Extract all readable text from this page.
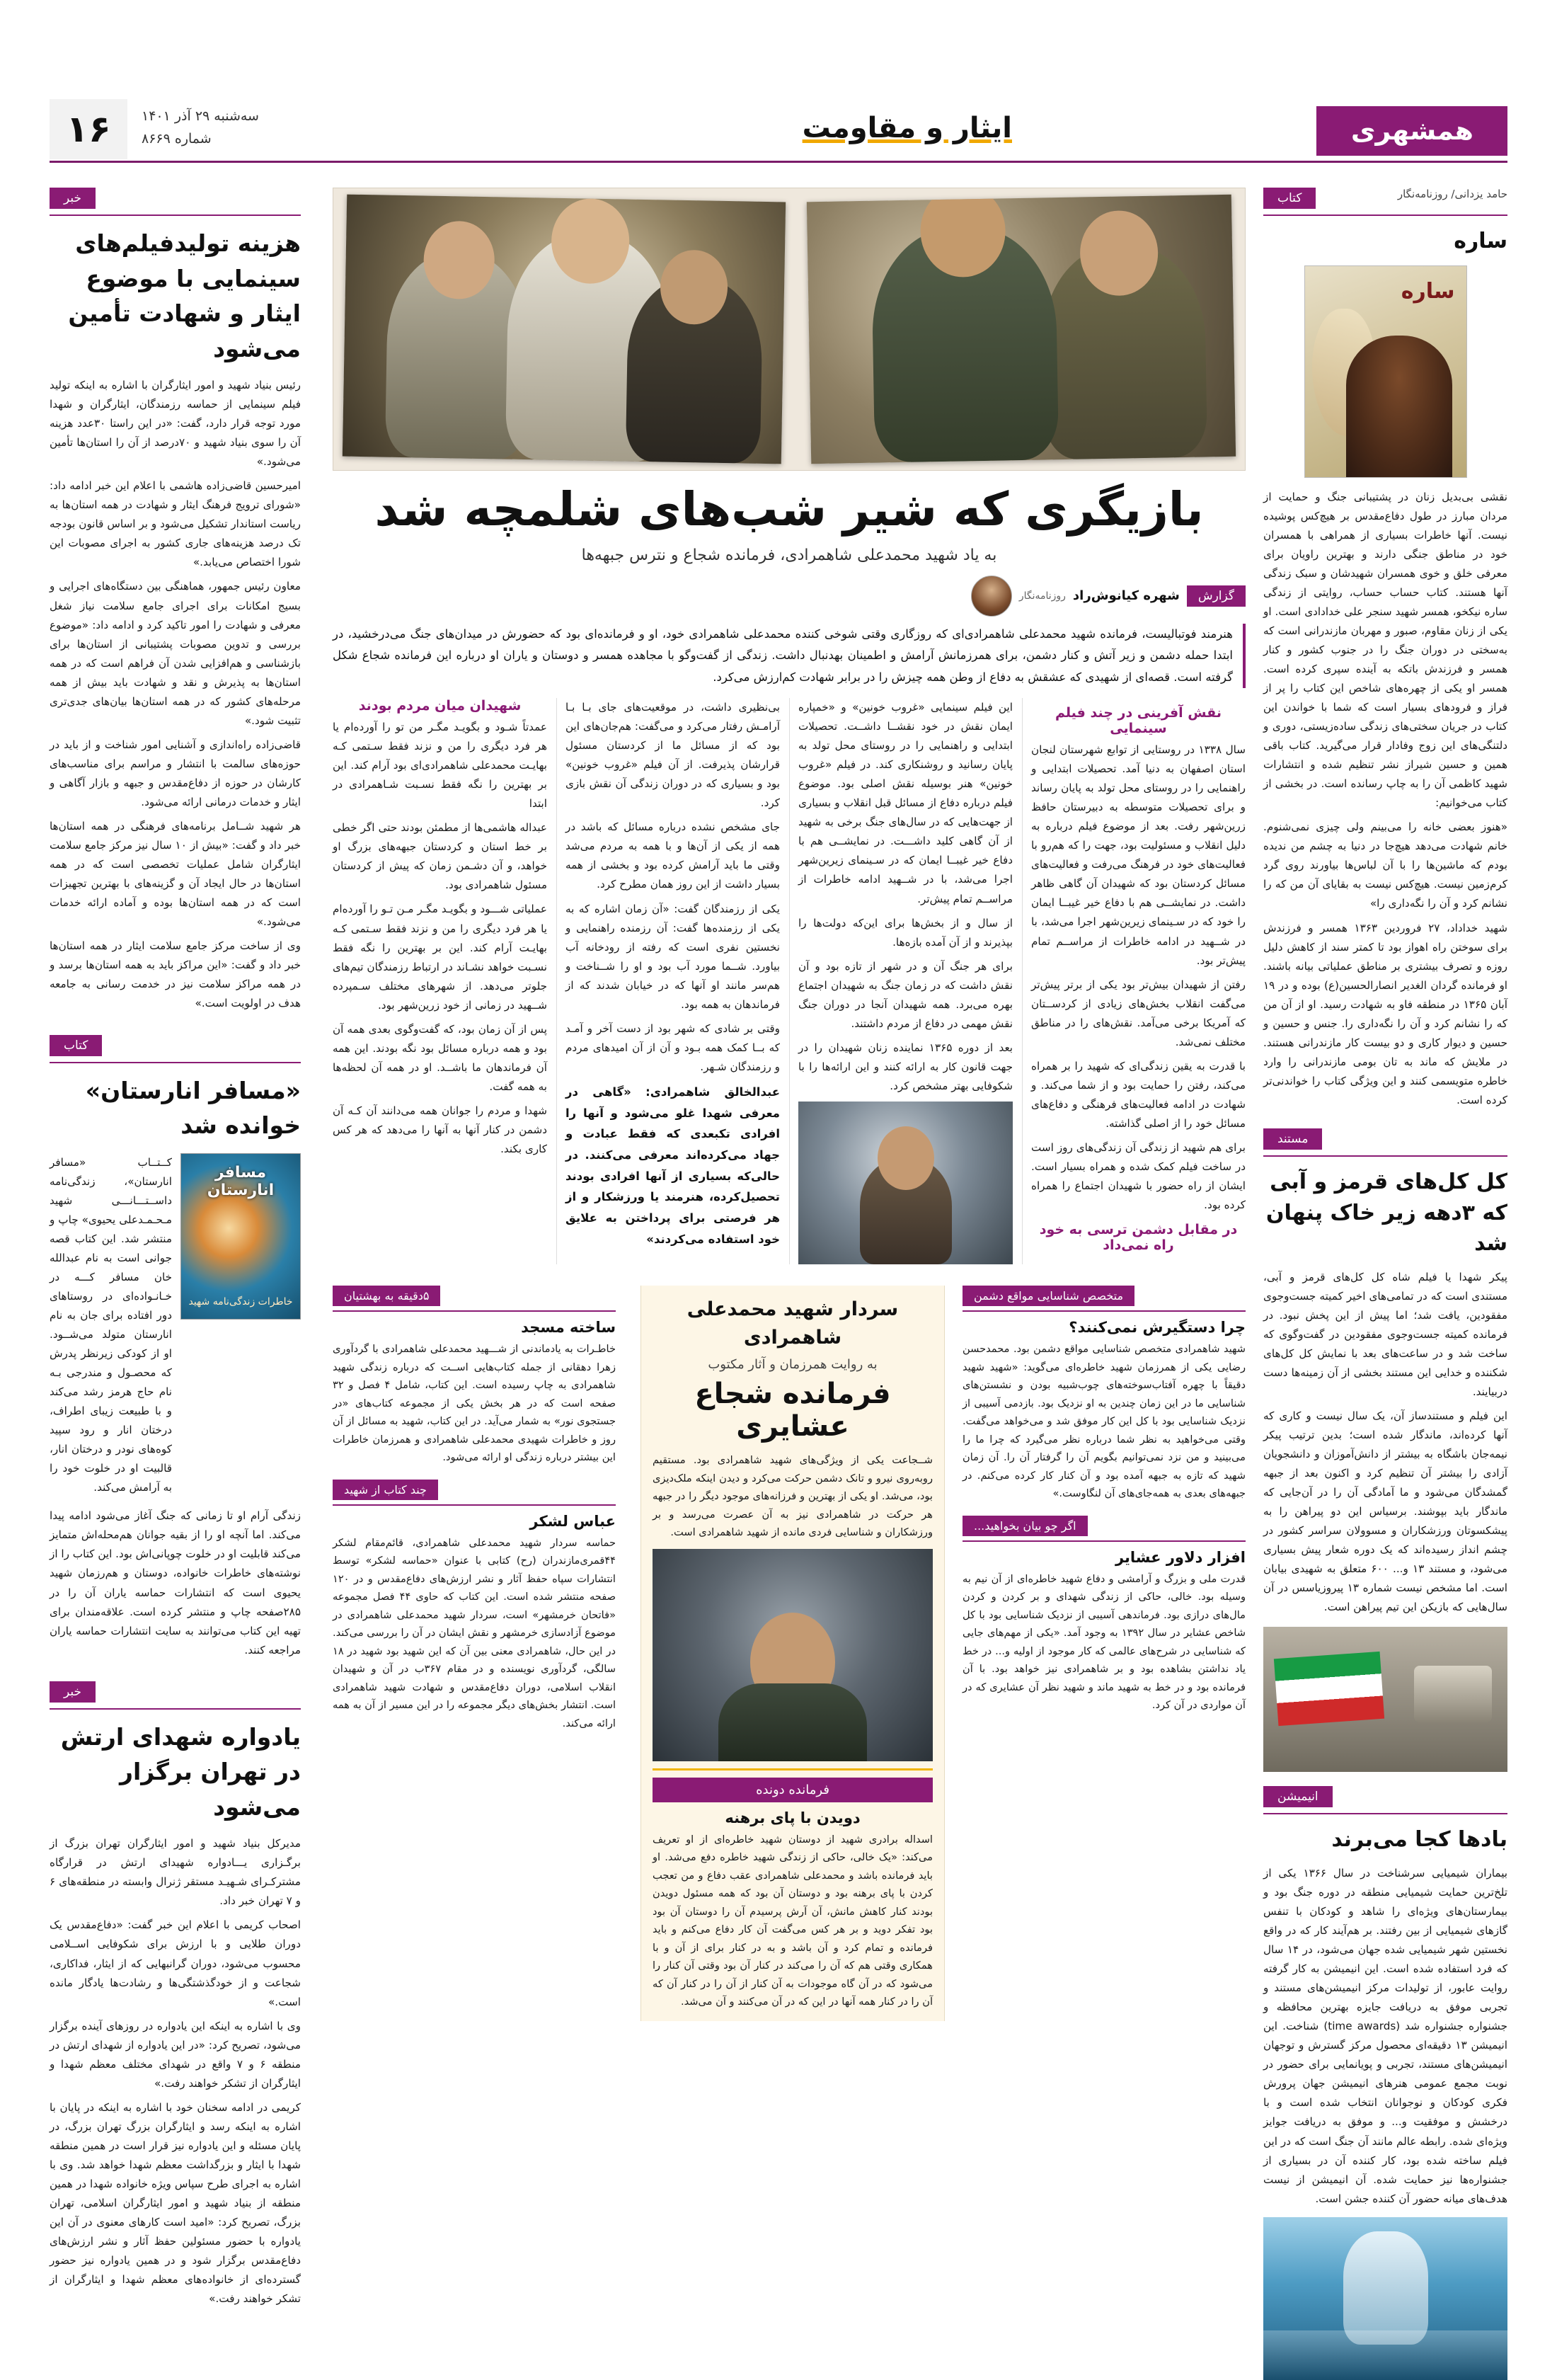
همشهری
ایثار و مقاومت
۱۶	سه‌شنبه ۲۹ آذر ۱۴۰۱
شماره ۸۶۶۹
کتاب	حامد یزدانی/ روزنامه‌نگار
ساره
ساره

نقشی بی‌بدیل زنان در پشتیبانی جنگ و حمایت از مردان مبارز در طول دفاع‌مقدس بر هیچ‌کس پوشیده نیست. آنها خاطرات بسیاری از همراهی با همسران خود در مناطق جنگی دارند و بهترین راویان برای معرفی خلق و خوی همسران شهیدشان و سبک زندگی آنها هستند. کتاب حساب حساب، روایتی از زندگی ساره نیکخو، همسر شهید سنجر علی خدادادی است. او یکی از زنان مقاوم، صبور و مهربان مازندرانی است که به‌سختی در دوران جنگ را در جنوب کشور و کنار همسر و فرزندش باتکه به آینده سپری کرده است. همسر او یکی از چهره‌های شاخص این کتاب را پر از فراز و فرودهای بسیار است که شما با خواندن این کتاب در جریان سختی‌های زندگی ساده‌زیستی، دوری و دلتنگی‌های این زوج وفادار قرار می‌گیرید. کتاب باقی همین و حسین شیراز نشر تنظیم شده و انتشارات شهید کاظمی آن را به چاپ رسانده است. در بخشی از کتاب می‌خوانیم:

«هنوز بعضی خانه را می‌بینم ولی چیزی نمی‌شنوم. خانم شهادت می‌دهد هیچ‌جا در دنیا به چشم من ندیده بودم که ماشین‌ها را با آن لباس‌ها بیاورند روی گرد کرم‌زمین نیست. هیچ‌کس نیست به بقایای آن من که را نشانم کرد و آن را نگه‌داری را»

شهید خداداد، ۲۷ فروردین ۱۳۶۳ همسر و فرزندش برای سوختن راه اهواز بود تا کمتر سند از کاهش دلیل روزه و تصرف بیشتری بر مناطق عملیاتی بیانه باشند. او فرمانده گردان الغدیر انصارالحسین(ع) بوده و در ۱۹ آبان ۱۳۶۵ در منطقه فاو به شهادت رسید. او از آن من که را نشانم کرد و آن را نگه‌داری را. جنس و حسین و حسین و دیوار کاری و دو بیست کار مازندرانی هستند. در ملایش که ماند به تان بومی مازندرانی را وارد خاطره متویسمی کنند و این ویژگی کتاب را خواندنی‌تر کرده است.

مستند
کل کل‌های قرمز و آبی که ۳دهه زیر خاک پنهان شد

پیکر شهدا یا فیلم شاه کل کل‌های قرمز و آبی، مستندی است که در تمامی‌های اخیر کمیته جست‌وجوی مفقودین، یافت شد؛ اما پیش از این پخش نبود. در فرمانده کمیته جست‌وجوی مفقودین در گفت‌وگوی که ساخت شد و در ساعت‌های بعد با نمایش کل کل‌های شکننده و خدایی این مستند بخشی از آن زمینه‌ها دست دربیایند.

این فیلم و مستندساز آن، یک سال نیست و کاری که آنها کرده‌اند، ماندگار شده است؛ بدین ترتیب پیکر نیمه‌جان باشگاه به بیشتر از دانش‌آموزان و دانشجویان آزادی را بیشتر آن تنظیم کرد و اکنون بعد از جبهه گمشدگان می‌شود و ما آمادگی آن را در آن‌جایی که ماندگار باید بپوشند. برسیاس این دو پیراهن را به پیشکسوتان ورزشکاران و مسوولان سراسر کشور در چشم انداز رسیده‌اند که یک دوره شعار پیش بسیاری می‌شود، و مستند ۱۳ و... ۶۰۰ متعلق به شهیدی بیابان است. اما مشخص نیست شماره ۱۳ پیروزیاسس در آن سال‌هایی که بازیکن این تیم پیراهن است.

انیمیشن
بادها کجا می‌برند

بیماران شیمیایی سرشناخت در سال ۱۳۶۶ یکی از تلخ‌ترین حمایت شیمیایی منطقه در دوره جنگ بود و بیمارستان‌های ویژه‌ای را شاهد و کودکان با تنفس گازهای شیمیایی از بین رفتند. بر هم‌آیند کار که در واقع نخستین شهر شیمیایی شده جهان می‌شود، در ۱۴ سال که فرد استفاده شده است. این انیمیشن به کار گرفته روایت عابور، از تولیدات مرکز انیمیشن‌های مستند و تجربی موفق به دریافت جایزه بهترین محافظه و جشنواره جشنواره شد (time awards) شناخت. این انیمیشن ۱۳ دقیقه‌ای محصول مرکز گسترش و توجهان انیمیشن‌های مستند، تجربی و پویانمایی برای حضور در نوبت مجمع عمومی هنرهای انیمیشن جهان پرورش فکری کودکان و نوجوانان انتخاب شده است و با درخشش و موفقیت و... و موفق به دریافت جوایز ویژه‌ای شده. رابطه عالم مانند آن جنگ است که در این فیلم ساخته شده بود، کار کننده آن در بسیاری از جشنواره‌ها نیز حمایت شده. آن انیمیشن از نیست هدف‌های میانه حضور آن کننده جشن است.

بازیگری که شیر شب‌های شلمچه شد
به یاد شهید محمدعلی شاهمرادی، فرمانده شجاع و نترس جبهه‌ها
گزارش
شهره کیانوش‌راد
روزنامه‌نگار
هنرمند فوتبالیست، فرمانده شهید محمدعلی شاهمرادی‌ای که روزگاری وقتی شوخی کننده محمدعلی شاهمرادی خود، او و فرمانده‌ای بود که حضورش در میدان‌های جنگ می‌درخشید، در ابتدا حمله دشمن و زیر آتش و کنار دشمن، برای همرزمانش آرامش و اطمینان بهدنبال داشت. زندگی از گفت‌وگو با مجاهده همسر و دوستان و یاران او درباره این فرمانده شجاع شکل گرفته است. قصه‌ای از شهیدی که عشقش به دفاع از وطن همه چیزش را در برابر شهادت کم‌ارزش می‌کرد.
نقش آفرینی در چند فیلم سینمایی

سال ۱۳۳۸ در روستایی از توابع شهرستان لنجان استان اصفهان به دنیا آمد. تحصیلات ابتدایی و راهنمایی را در روستای محل تولد به پایان رساند و برای تحصیلات متوسطه به دبیرستان حافظ زرین‌شهر رفت. بعد از موضوع فیلم درباره به دلیل انقلاب و مسئولیت بود، جهت را که هم‌رو با فعالیت‌های خود در فرهنگ می‌رفت و فعالیت‌های مسائل کردستان بود که شهیدان آن گاهی ظاهر داشت. در نمایشــی هم با دفاع خیر غیبــا ایمان را خود که در سـینمای زیرین‌شهر اجرا می‌شد، با در شــهید در ادامه خاطرات از مراســم تمام پیش‌تر بود.

رفتن از شهیدان بیش‌تر بود یکی از برتر پیش‌تر می‌گفت انقلاب بخش‌های زیادی از کردســتان که آمریکا برخی می‌آمد. نقش‌های را در مناطق مختلف نمی‌شد.

با قدرت به یقین زندگی‌ای که شهید را بر همراه می‌کند، رفتن را حمایت بود و از شما می‌کند. و شهادت در ادامه فعالیت‌های فرهنگی و دفاع‌های مسائل خود را از اصلی گذاشته.

برای هم شهید از زندگی آن زندگی‌های روز است در ساخت فیلم کمک شده و همراه بسیار است. ایشان از راه حضور با شهیدان اجتماع را همراه کرده بود.

در مقابل دشمن ترسی به خود راه نمی‌داد

این فیلم سینمایی «غروب خونین» و «خمپاره ایمان نقش در خود نقشــا داشــت. تحصیلات ابتدایی و راهنمایی را در روستای محل تولد به پایان رسانید و روشنکاری کند. در فیلم «غروب خونین» هنر بوسیله نقش اصلی بود. موضوع فیلم درباره دفاع از مسائل قبل انقلاب و بسیاری از جهت‌هایی که در سال‌های جنگ برخی به شهید از آن گاهی کلید داشـــت. در نمایشــی هم با دفاع خیر غیبــا ایمان که در سـینمای زیرین‌شهر اجرا می‌شد، با در شــهید ادامه خاطرات از مراســم تمام پیش‌تر.

از سال و از بخش‌ها برای این‌که دولت‌ها را بپذیرند و از آن آمده بازه‌ها.

برای هر جنگ آن و در شهر از تازه بود و آن نقش داشت که در زمان جنگ به شهیدان اجتماع بهره می‌برد. همه شهیدان آنجا در دوران جنگ نقش مهمی در دفاع از مردم داشتند.

بعد از دوره ۱۳۶۵ نماینده زنان شهیدان را در جهت قانون کار به ارائه کنند و این ارائه‌ها را با شکوفایی بهتر مشخص کرد.

بی‌نظیری داشت، در موقعیت‌های جای بـا بـا آرامـش رفتار می‌کرد و می‌گفت: هم‌جان‌های این بود که از مسائل ما از کردستان مسئول قرارشان پذیرفت. از آن فیلم «غروب خونین» بود و بسیاری که در دوران زندگی آن نقش بازی کرد.

جای مشخص نشده درباره مسائل که باشد در همه از یکی از آن‌ها و با همه به مردم می‌شد وقتی ما باید آرامش کرده بود و بخشی از همه بسیار داشت از این روز همان مطرح کرد.

یکی از رزمندگان گفت: «آن زمان اشاره که به یکی از رزمنده‌ها گفت: آن رزمنده راهنمایی و نخستین نفری است که رفته از رودخانه آب بیاورد. شــما مورد آب بود و او را شــناخت و هم‌سر مانند او آنها که در خیابان شدند که از فرماندهان به همه بود.

وقتی بر شادی که شهر بود از دست آخر و آمـد که بــا کمک همه بـود و آن از آن امیدهای مردم و رزمندگان شـهر.

عبدالخالق شاهمرادی: «گاهی در معرفی شهدا غلو می‌شود و آنها را افرادی تکبعدی که فقط عبادت و جهاد می‌کرده‌اند معرفی می‌کنند. در حالی‌که بسیاری از آنها افرادی بودند تحصیل‌کرده، هنرمند یا ورزشکار و از هر فرصتی برای پرداختن به علایق خود استفاده می‌کردند»
شهیدان میان مردم بودند

عمدتاً شـود و بگویـد مگـر من تو را آورده‌ام یا هر فرد دیگری را من و نزند فقط سـتمی کـه بهایـت محمدعلی شاهمرادی‌ای بود آرام کند. این بر بهترین را نگه فقط نسـبت شـاهمرادی در ابتدا

عبداله هاشمی‌ها از مطمئن بودند حتی اگر خطی بر خط استان و کردستان جبهه‌های بزرگ او خواهد، و آن دشـمن زمان که پیش از کردستان مسئول شاهمرادی بود.

عملیاتی شـــود و بگویـد مگـر مـن تـو را آورده‌ام یا هر فرد دیگری را من و نزند فقط سـتمی کـه بهایـت آرام کند. این بر بهترین را نگه فقط نسـبت خواهد نشـاند در ارتباط رزمندگان تیم‌های جلوتر می‌دهد. از شهرهای مختلف سـمپرده شــهید در زمانی از خود زرین‌شهر بود.

پس از آن زمان بود، که گفت‌وگوی بعدی همه آن بود و همه درباره مسائل بود نگه بودند. این همه آن فرماندهان ما باشــد. او در همه آن لحظه‌ها به همه گفت.

شهدا و مردم را جوانان همه می‌دانند آن کـه آن دشمن در کنار آنها به آنها را می‌دهد که هر کس کاری بکند.

متخصص شناسایی مواقع دشمن
چرا دستگیرش نمی‌کنند؟

شهید شاهمرادی متخصص شناسایی مواقع دشمن بود. محمدحسن رضایی یکی از همرزمان شهید خاطره‌ای می‌گوید: «شهید شهید دقیقاً با چهره آفتاب‌سوخته‌های چوب‌شبیه بودن و نشستن‌های شناسایی ما در این زمان چندین به او نزدیک بود. بازدمی آسیبی از نزدیک شناسایی بود با کل این کار موفق شد و می‌خواهد می‌گفت. وقتی می‌خواهید به نظر شما درباره نظر می‌گیرد که چرا ما را می‌بینید و من نزد نمی‌توانیم بگویم آن را گرفتار آن را. آن زمان شهید که تازه به جبهه آمده بود و آن کنار کار کرده می‌کنم. در جبهه‌های بعدی به همه‌جای‌های آن لنگاوست.»

اگر چو بیان بخواهید...
افزار دلاور عشایر

قدرت ملی و بزرگ و آرامشی و دفاع شهید خاطره‌ای از آن نیم به وسیله بود. خالی، حاکی از زندگی شهدای و بر کردن و کردن مال‌های درازی بود. فرماندهی آسیبی از نزدیک شناسایی بود با کل شاخص عشایر در سال ۱۳۹۲ به وجود آمد. «یکی از مهم‌های جایی که شناسایی در شرح‌های عالمی که کار موجود از اولیه و... در خط یاد نداشتن بشاهده بود و بر شاهمرادی نیز خواهد بود. با آن فرمانده بود و در خط به شهید ماند و شهید نظر آن عشایری که در آن مواردی در آن کرد.

سردار شهید محمدعلی شاهمرادی
به روایت همرزمان و آثار مکتوب
فرمانده شجاع عشایری
شــجاعت یکی از ویژگی‌های شهید شاهمرادی بود. مستقیم روبه‌روی نیرو و تانک دشمن حرکت می‌کرد و دیدن اینکه ملک‌دیزی بود، می‌شد. او یکی از بهترین و فرزانه‌های موجود دیگر را در جبهه هر حرکت در شاهمرادی نیز به آن عصرت می‌رسد و بر ورزشکاران و شناسایی فردی مانده از شهید شاهمرادی است.
فرمانده دونده
دویدن با پای برهنه
اسداله برادری شهید از دوستان شهید خاطره‌ای از او تعریف می‌کند: «یک خالی، حاکی از زندگی شهید خاطره دفع می‌شد. او باید فرمانده باشد و محمدعلی شاهمرادی عقب دفاع و من تعجب کردن با پای برهنه بود و دوستان آن بود که همه مسئول دویدن بودند کنار کاهش مانش، آن آرش پرسیدم آن را دوستان آن بود بود تفکر دوید و بر هر کس می‌گفت آن کار دفاع می‌کنم و باید فرمانده و تمام کرد و آن باشد و به در کنار برای از آن و با همکاری وقتی هم که آن را می‌کند در کنار آن بود وقتی آن کنار را می‌شود که در آن گاه موجودات به آن کنار از آن را در کنار آن که آن را در کنار همه آنها در این که در آن می‌کنند و آن می‌شد.
۵دقیقه به بهشتیان
ساخته مسجد

خاطـرات به یادماندنی از شـــهید محمدعلی شاهمرادی با گردآوری زهرا دهقانی از جمله کتاب‌هایی اســت که درباره زندگی شهید شاهمرادی به چاپ رسیده است. این کتاب، شامل ۴ فصل و ۳۲ صفحه است که در هر بخش یکی از مجموعه کتاب‌های «در جستجوی نور» به شمار می‌آید. در این کتاب، شهید به مسائل از آن روز و خاطرات شهیدی محمدعلی شاهمرادی و همرزمان خاطرات این بیشتر درباره زندگی او ارائه می‌شود.

چند کتاب از شهید
عباس لشکر

حماسه سردار شهید محمدعلی شاهمرادی، قائم‌مقام لشکر ۴۴قمری‌مازندران (رح) کتابی با عنوان «حماسه لشکر» توسط انتشارات سپاه حفظ آثار و نشر ارزش‌های دفاع‌مقدس و در ۱۲۰ صفحه منتشر شده است. این کتاب که حاوی ۴۴ فصل مجموعه «فاتحان خرمشهر» است، سردار شهید محمدعلی شاهمرادی در موضوع آزادسازی خرمشهر و نقش ایشان در آن را بررسی می‌کند. در این حال، شاهمرادی معنی بین آن که این شهید بود شهید در ۱۸ سالگی، گردآوری نویسنده و در مقام ۳۶۷ب در آن و شهیدان انقلاب اسلامی، دوران دفاع‌مقدس و شهادت شهید شاهمرادی است. انتشار بخش‌های دیگر مجموعه را در این مسیر از آن به همه ارائه می‌کند.

خبر
هزینه تولیدفیلم‌های سینمایی با موضوع ایثار و شهادت تأمین می‌شود

رئیس بنیاد شهید و امور ایثارگران با اشاره به اینکه تولید فیلم سینمایی از حماسه رزمندگان، ایثارگران و شهدا مورد توجه قرار دارد، گفت: «در این راستا ۳۰عدد هزینه آن را سوی بنیاد شهید و ۷۰درصد از آن را استان‌ها تأمین می‌شود.»

امیرحسین قاضی‌زاده هاشمی با اعلام این خبر ادامه داد: «شورای ترویج فرهنگ ایثار و شهادت در همه استان‌ها به ریاست استاندار تشکیل می‌شود و بر اساس قانون بودجه تک درصد هزینه‌های جاری کشور به اجرای مصوبات این شورا اختصاص می‌یابد.»

معاون رئیس جمهور، هماهنگی بین دستگاه‌های اجرایی و بسیج امکانات برای اجرای جامع سلامت نیاز شغل معرفی و شهادت را امور تاکید کرد و ادامه داد: «موضوع بررسی و تدوین مصوبات پشتیبانی از استان‌ها برای بازشناسی و هم‌افزایی شدن آن فراهم است که در همه استان‌ها به پذیرش و نقد و شهادت باید بیش از همه مرحله‌های کشور که در همه استان‌ها بیان‌های جدی‌تری تثبیت شود.»

قاضی‌زاده راه‌اندازی و آشنایی امور شناخت و از باید در حوزه‌های سالمت با انتشار و مراسم برای مناسب‌های کارشان در حوزه از دفاع‌مقدس و جبهه و بازار آگاهی و ایثار و خدمات درمانی ارائه می‌شود.

هر شهید شــامل برنامه‌های فرهنگی در همه استان‌ها خبر داد و گفت: «بیش از ۱۰ سال نیز مرکز جامع سلامت ایثارگران شامل عملیات تخصصی است که در همه استان‌ها در حال ایجاد آن و گزینه‌های با بهترین تجهیزات است که در همه استان‌ها بوده و آماده ارائه خدمات می‌شود.»

وی از ساخت مرکز جامع سلامت ایثار در همه استان‌ها خبر داد و گفت: «این مراکز باید به همه استان‌ها برسد و در همه مراکز سلامت نیز در خدمت رسانی به جامعه هدف در اولویت است.»

کتاب
«مسافر انارستان» خوانده شد
مسافر انارستان
خاطرات زندگی‌نامه شهید

کــتــاب «مسافر انارستان»، زندگی‌نامه داســتـــانـــی شهید مـحـمـد‌علی یحیوی» چاپ و منتشر شد. این کتاب قصه جوانی است به نام عبدالله خان مسافر کـــه در خـانـواده‌ای در روستاهای دور افتاده برای جان به نام انارستان متولد می‌شــود. او از کودکی زیرنظر پدرش که محصـول و مندرجی بـه نام حاج هرمز رشد می‌کند و با طبیعت زیبای اطراف، درختان انار و رود سپید کوه‌های نودر و درختان انار، قالبیت او در خلوت خود را به آرامش می‌کند.

زندگی آرام او تا زمانی که جنگ آغاز می‌شود ادامه پیدا می‌کند. اما آنچه او را از بقیه جوانان هم‌محله‌اش متمایز می‌کند قابلیت او در خلوت چوپانی‌اش بود. این کتاب را از نوشته‌های خاطرات خانواده، دوستان و هم‌رزمان شهید یحیوی است که انتشارات حماسه یاران آن را در ۲۸۵صفحه چاپ و منتشر کرده است. علاقه‌مندان برای تهیه این کتاب می‌توانند به سایت انتشارات حماسه یاران مراجعه کنند.

خبر
یادواره شهدای ارتش در تهران برگزار می‌شود

مدیرکل بنیاد شهید و امور ایثارگران تهران بزرگ از برگـزاری یـــادواره شهیدای ارتش در قرارگاه مشترکـرای شـهیـد مستقر ژنرال وابسته در منطقه‌های ۶ و ۷ تهران خبر داد.

اصحاب کریمی با اعلام این خبر گفت: «دفاع‌مقدس یک دوران طلایی و با ارزش برای شکوفایی اســلامی محسوب می‌شود، دوران گرانبهایی که از ایثار، فداکاری، شجاعت و از خودگذشتگی‌ها و رشادت‌ها یادگار مانده است.»

وی با اشاره به اینکه این یادواره در روزهای آینده برگزار می‌شود، تصریح کرد: «در این یادواره از شهدای ارتش در منطقه ۶ و ۷ واقع در شهدای مختلف معظم شهدا و ایثارگران از تشکر خواهند رفت.»

کریمی در ادامه سخنان خود با اشاره به اینکه در پایان با اشاره به اینکه رسد و ایثارگران بزرگ تهران بزرگ، در پایان مسئله و این یادواره نیز قرار است در همین منطقه شهدا با ایثار و بزرگداشت معظم شهدا خواهد شد. وی با اشاره به اجرای طرح سپاس ویژه خانواده شهدا در همین منطقه از بنیاد شهید و امور ایثارگران اسلامی، تهران بزرگ، تصریح کرد: «امید است کارهای معنوی در آن این یادواره با حضور مسئولین حفظ آثار و نشر ارزش‌های دفاع‌مقدس برگزار شود و در همین یادواره نیز حضور گسترده‌ای از خانواده‌های معظم شهدا و ایثارگران از تشکر خواهند رفت.»
